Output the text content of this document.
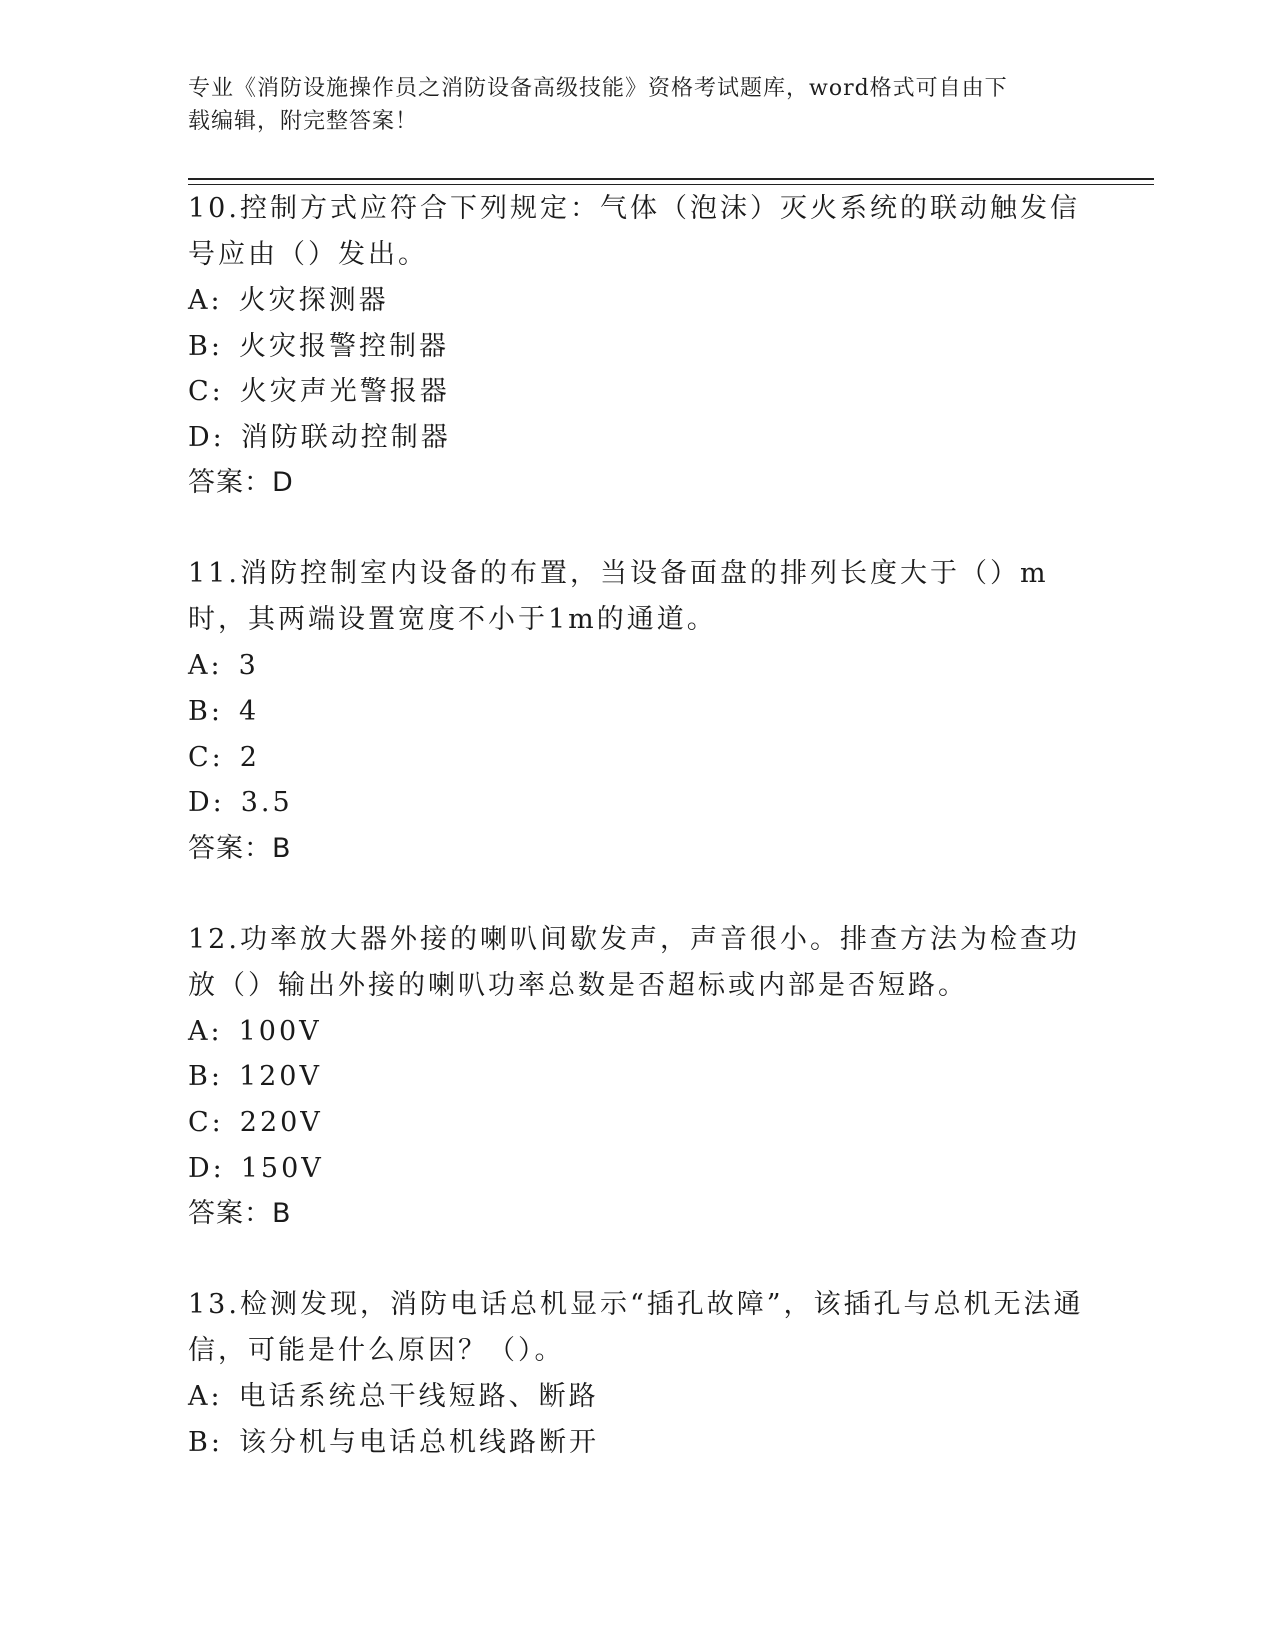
专业《消防设施操作员之消防设备高级技能》资格考试题库，word格式可自由下
载编辑，附完整答案！

10.控制方式应符合下列规定：气体（泡沫）灭火系统的联动触发信号应由（）发出。

A: 火灾探测器

B: 火灾报警控制器

C: 火灾声光警报器

D: 消防联动控制器

答案：D

11.消防控制室内设备的布置，当设备面盘的排列长度大于（）m时，其两端设置宽度不小于1m的通道。

A: 3

B: 4

C: 2

D: 3.5

答案：B

12.功率放大器外接的喇叭间歇发声，声音很小。排查方法为检查功放（）输出外接的喇叭功率总数是否超标或内部是否短路。

A: 100V

B: 120V

C: 220V

D: 150V

答案：B

13.检测发现，消防电话总机显示“插孔故障”，该插孔与总机无法通信，可能是什么原因？（）。

A: 电话系统总干线短路、断路

B: 该分机与电话总机线路断开
